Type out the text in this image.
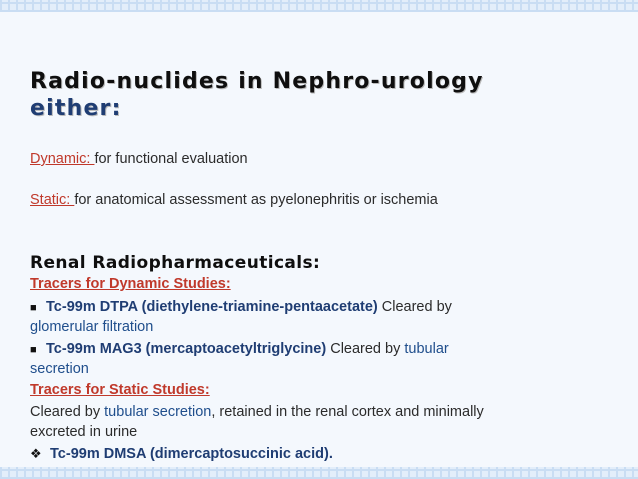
Radio-nuclides in Nephro-urology
either:
Dynamic: for functional evaluation
Static: for anatomical assessment as pyelonephritis or ischemia
Renal Radiopharmaceuticals:
Tracers for Dynamic Studies:
■ Tc-99m DTPA (diethylene-triamine-pentaacetate) Cleared by
glomerular filtration
■ Tc-99m MAG3 (mercaptoacetyltriglycine) Cleared by tubular
secretion
Tracers for Static Studies:
Cleared by tubular secretion, retained in the renal cortex and minimally
excreted in urine
❖ Tc-99m DMSA (dimercaptosuccinic acid).
